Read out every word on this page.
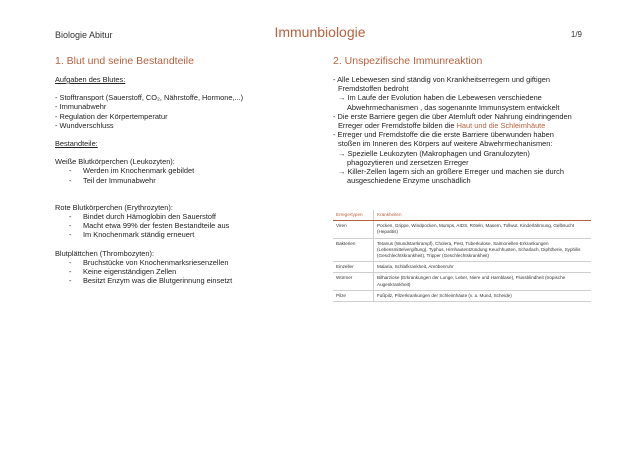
Biologie Abitur	Immunbiologie	1/9
1. Blut und seine Bestandteile
Aufgaben des Blutes:
- Stofftransport (Sauerstoff, CO₂, Nährstoffe, Hormone,...)
- Immunabwehr
- Regulation der Körpertemperatur
- Wundverschluss
Bestandteile:
Weiße Blutkörperchen (Leukozyten):
-	Werden im Knochenmark gebildet
-	Teil der Immunabwehr
Rote Blutkörperchen (Erythrozyten):
-	Bindet durch Hämoglobin den Sauerstoff
-	Macht etwa 99% der festen Bestandteile aus
-	Im Knochenmark ständig erneuert
Blutplättchen (Thrombozyten):
-	Bruchstücke von Knochenmarksriesenzellen
-	Keine eigenständigen Zellen
-	Besitzt Enzym was die Blutgerinnung einsetzt
2. Unspezifische Immunreaktion
- Alle Lebewesen sind ständig von Krankheitserregern und giftigen
Fremdstoffen bedroht
→ Im Laufe der Evolution haben die Lebewesen verschiedene
Abwehrmechanismen , das sogenannte Immunsystem entwickelt
- Die erste Barriere gegen die über Atemluft oder Nahrung eindringenden
Erreger oder Fremdstoffe bilden die Haut und die Schleimhäute
- Erreger und Fremdstoffe die die erste Barriere überwunden haben
stoßen im Inneren des Körpers auf weitere Abwehrmechanismen:
→ Spezielle Leukozyten (Makrophagen und Granulozyten)
phagozytieren und zersetzen Erreger
→ Killer-Zellen lagern sich an größere Erreger und machen sie durch
ausgeschiedene Enzyme unschädlich
Erregertypen	Krankheiten
Viren	Pocken, Grippe, Windpocken, Mumps, AIDS, Röteln, Masern, Tollwut, Kinderlähmung, Gelbsucht (Hepatitis)
Bakterien	Tetanus (Wundstarrkrampf), Cholera, Pest, Tuberkulose, Salmonellen-Erkrankungen (Lebensmittelvergiftung), Typhus, Hirnhautentzündung Keuchhusten, Scharlach, Diphtherie, Syphilis (Geschlechtskrankheit), Tripper (Geschlechtskrankheit)
Einzeller	Malaria, Schlafkrankheit, Amöbenruhr
Würmer	Bilharziose (Erkrankungen der Lunge, Leber, Niere und Harnblase), Flussblindheit (tropische Augenkrankheit)
Pilze	Fußpilz, Pilzerkrankungen der Schleimhäute (v. a. Mund, Scheide)
